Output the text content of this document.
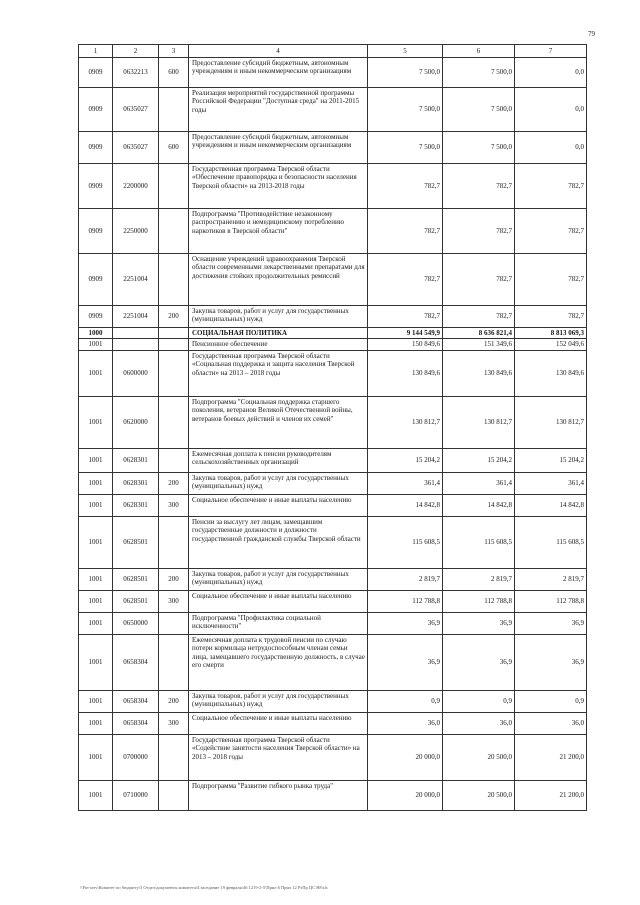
79
1	2	3	4	5	6	7
0909	0632213	600	Предоставление субсидий бюджетным, автономным учреждениям и иным некоммерческим организациям	7 500,0	7 500,0	0,0
0909	0635027		Реализация мероприятий государственной программы Российской Федерации "Доступная среда" на 2011-2015 годы	7 500,0	7 500,0	0,0
0909	0635027	600	Предоставление субсидий бюджетным, автономным учреждениям и иным некоммерческим организациям	7 500,0	7 500,0	0,0
0909	2200000		Государственная программа Тверской области «Обеспечение правопорядка и безопасности населения Тверской области» на 2013-2018 годы	782,7	782,7	782,7
0909	2250000		Подпрограмма "Противодействие незаконному распространению и немедицинскому потреблению наркотиков в Тверской области"	782,7	782,7	782,7
0909	2251004		Оснащение учреждений здравоохранения Тверской области современными лекарственными препаратами для достижения стойких продолжительных ремиссий	782,7	782,7	782,7
0909	2251004	200	Закупка товаров, работ и услуг для государственных (муниципальных) нужд	782,7	782,7	782,7
1000			СОЦИАЛЬНАЯ ПОЛИТИКА	9 144 549,9	8 636 821,4	8 813 069,3
1001			Пенсионное обеспечение	150 849,6	151 349,6	152 049,6
1001	0600000		Государственная программа Тверской области «Социальная поддержка и защита населения Тверской области» на 2013 – 2018 годы	130 849,6	130 849,6	130 849,6
1001	0620000		Подпрограмма "Социальная поддержка старшего поколения, ветеранов Великой Отечественной войны, ветеранов боевых действий и членов их семей"	130 812,7	130 812,7	130 812,7
1001	0628301		Ежемесячная доплата к пенсии руководителям сельскохозяйственных организаций	15 204,2	15 204,2	15 204,2
1001	0628301	200	Закупка товаров, работ и услуг для государственных (муниципальных) нужд	361,4	361,4	361,4
1001	0628301	300	Социальное обеспечение и иные выплаты населению	14 842,8	14 842,8	14 842,8
1001	0628501		Пенсии за выслугу лет лицам, замещавшим государственные должности и должности государственной гражданской службы Тверской области	115 608,5	115 608,5	115 608,5
1001	0628501	200	Закупка товаров, работ и услуг для государственных (муниципальных) нужд	2 819,7	2 819,7	2 819,7
1001	0628501	300	Социальное обеспечение и иные выплаты населению	112 788,8	112 788,8	112 788,8
1001	0650000		Подпрограмма "Профилактика социальной исключенности"	36,9	36,9	36,9
1001	0658304		Ежемесячная доплата к трудовой пенсии по случаю потери кормильца нетрудоспособным членам семьи лица, замещавшего государственную должность, в случае его смерти	36,9	36,9	36,9
1001	0658304	200	Закупка товаров, работ и услуг для государственных (муниципальных) нужд	0,9	0,9	0,9
1001	0658304	300	Социальное обеспечение и иные выплаты населению	36,0	36,0	36,0
1001	0700000		Государственная программа Тверской области «Содействие занятости населения Тверской области» на 2013 – 2018 годы	20 000,0	20 500,0	21 200,0
1001	0710000		Подпрограмма "Развитие гибкого рынка труда"	20 000,0	20 500,0	21 200,0
\\Fin-serv\Комитет по бюджету\3 Отдел\документы комитета\4 заседание 19 февраля\46 1219-2-5\Прил 6 Прил 12 РзПр ЦС ВР.xls
